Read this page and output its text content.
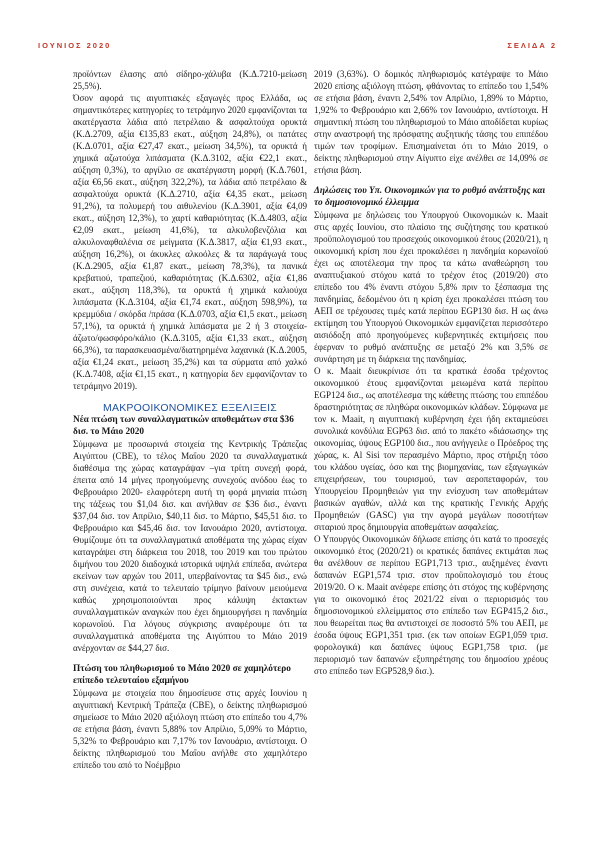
ΙΟΥΝΙΟΣ 2020	ΣΕΛΙΔΑ 2

προϊόντων έλασης από σίδηρο-χάλυβα (Κ.Δ.7210-μείωση 25,5%).

Όσον αφορά τις αιγυπτιακές εξαγωγές προς Ελλάδα, ως σημαντικότερες κατηγορίες το τετράμηνο 2020 εμφανίζονται τα ακατέργαστα λάδια από πετρέλαιο & ασφαλτούχα ορυκτά (Κ.Δ.2709, αξία €135,83 εκατ., αύξηση 24,8%), οι πατάτες (Κ.Δ.0701, αξία €27,47 εκατ., μείωση 34,5%), τα ορυκτά ή χημικά αζωτούχα λιπάσματα (Κ.Δ.3102, αξία €22,1 εκατ., αύξηση 0,3%), το αργίλιο σε ακατέργαστη μορφή (Κ.Δ.7601, αξία €6,56 εκατ., αύξηση 322,2%), τα λάδια από πετρέλαιο & ασφαλτούχα ορυκτά (Κ.Δ.2710, αξία €4,35 εκατ., μείωση 91,2%), τα πολυμερή του αιθυλενίου (Κ.Δ.3901, αξία €4,09 εκατ., αύξηση 12,3%), το χαρτί καθαριότητας (Κ.Δ.4803, αξία €2,09 εκατ., μείωση 41,6%), τα αλκυλοβενζόλια και αλκυλοναφθαλένια σε μείγματα (Κ.Δ.3817, αξία €1,93 εκατ., αύξηση 16,2%), οι άκυκλες αλκοόλες & τα παράγωγά τους (Κ.Δ.2905, αξία €1,87 εκατ., μείωση 78,3%), τα πανικά κρεβατιού, τραπεζιού, καθαριότητας (Κ.Δ.6302, αξία €1,86 εκατ., αύξηση 118,3%), τα ορυκτά ή χημικά καλιούχα λιπάσματα (Κ.Δ.3104, αξία €1,74 εκατ., αύξηση 598,9%), τα κρεμμύδια / σκόρδα /πράσα (Κ.Δ.0703, αξία €1,5 εκατ., μείωση 57,1%), τα ορυκτά ή χημικά λιπάσματα με 2 ή 3 στοιχεία-άζωτο/φωσφόρο/κάλιο (Κ.Δ.3105, αξία €1,33 εκατ., αύξηση 66,3%), τα παρασκευασμένα/διατηρημένα λαχανικά (Κ.Δ.2005, αξία €1,24 εκατ., μείωση 35,2%) και τα σύρματα από χαλκό (Κ.Δ.7408, αξία €1,15 εκατ., η κατηγορία δεν εμφανίζονταν το τετράμηνο 2019).

ΜΑΚΡΟΟΙΚΟΝΟΜΙΚΕΣ ΕΞΕΛΙΞΕΙΣ

Νέα πτώση των συναλλαγματικών αποθεμάτων στα $36 δισ. το Μάιο 2020

Σύμφωνα με προσωρινά στοιχεία της Κεντρικής Τράπεζας Αιγύπτου (CBE), το τέλος Μαΐου 2020 τα συναλλαγματικά διαθέσιμα της χώρας καταγράψαν –για τρίτη συνεχή φορά, έπειτα από 14 μήνες προηγούμενης συνεχούς ανόδου έως το Φεβρουάριο 2020- ελαφρότερη αυτή τη φορά μηνιαία πτώση της τάξεως του $1,04 δισ. και ανήλθαν σε $36 δισ., έναντι $37,04 δισ. τον Απρίλιο, $40,11 δισ. το Μάρτιο, $45,51 δισ. το Φεβρουάριο και $45,46 δισ. τον Ιανουάριο 2020, αντίστοιχα. Θυμίζουμε ότι τα συναλλαγματικά αποθέματα της χώρας είχαν καταγράψει στη διάρκεια του 2018, του 2019 και του πρώτου διμήνου του 2020 διαδοχικά ιστορικά υψηλά επίπεδα, ανώτερα εκείνων των αρχών του 2011, υπερβαίνοντας τα $45 δισ., ενώ στη συνέχεια, κατά το τελευταίο τρίμηνο βαίνουν μειούμενα καθώς χρησιμοποιούνται προς κάλυψη έκτακτων συναλλαγματικών αναγκών που έχει δημιουργήσει η πανδημία κορωνοϊού. Για λόγους σύγκρισης αναφέρουμε ότι τα συναλλαγματικά αποθέματα της Αιγύπτου το Μάιο 2019 ανέρχονταν σε $44,27 δισ.

Πτώση του πληθωρισμού το Μάιο 2020 σε χαμηλότερο επίπεδο τελευταίου εξαμήνου

Σύμφωνα με στοιχεία που δημοσίευσε στις αρχές Ιουνίου η αιγυπτιακή Κεντρική Τράπεζα (CBE), ο δείκτης πληθωρισμού σημείωσε το Μάιο 2020 αξιόλογη πτώση στο επίπεδο του 4,7% σε ετήσια βάση, έναντι 5,88% τον Απρίλιο, 5,09% το Μάρτιο, 5,32% το Φεβρουάριο και 7,17% τον Ιανουάριο, αντίστοιχα. Ο δείκτης πληθωρισμού του Μαΐου ανήλθε στο χαμηλότερο επίπεδο του από το Νοέμβριο

2019 (3,63%). Ο δομικός πληθωρισμός κατέγραψε το Μάιο 2020 επίσης αξιόλογη πτώση, φθάνοντας το επίπεδο του 1,54% σε ετήσια βάση, έναντι 2,54% τον Απρίλιο, 1,89% το Μάρτιο, 1,92% το Φεβρουάριο και 2,66% τον Ιανουάριο, αντίστοιχα. Η σημαντική πτώση του πληθωρισμού το Μάιο αποδίδεται κυρίως στην αναστροφή της πρόσφατης αυξητικής τάσης του επιπέδου τιμών των τροφίμων. Επισημαίνεται ότι το Μάιο 2019, ο δείκτης πληθωρισμού στην Αίγυπτο είχε ανέλθει σε 14,09% σε ετήσια βάση.

Δηλώσεις του Υπ. Οικονομικών για το ρυθμό ανάπτυξης και το δημοσιονομικό έλλειμμα

Σύμφωνα με δηλώσεις του Υπουργού Οικονομικών κ. Maait στις αρχές Ιουνίου, στο πλαίσιο της συζήτησης του κρατικού προϋπολογισμού του προσεχούς οικονομικού έτους (2020/21), η οικονομική κρίση που έχει προκαλέσει η πανδημία κορωνοϊού έχει ως αποτέλεσμα την προς τα κάτω αναθεώρηση του αναπτυξιακού στόχου κατά το τρέχον έτος (2019/20) στο επίπεδο του 4% έναντι στόχου 5,8% πριν το ξέσπασμα της πανδημίας, δεδομένου ότι η κρίση έχει προκαλέσει πτώση του ΑΕΠ σε τρέχουσες τιμές κατά περίπου EGP130 δισ. Η ως άνω εκτίμηση του Υπουργού Οικονομικών εμφανίζεται περισσότερο αισιόδοξη από προηγούμενες κυβερνητικές εκτιμήσεις που έφερναν το ρυθμό ανάπτυξης σε μεταξύ 2% και 3,5% σε συνάρτηση με τη διάρκεια της πανδημίας.

Ο κ. Maait διευκρίνισε ότι τα κρατικά έσοδα τρέχοντος οικονομικού έτους εμφανίζονται μειωμένα κατά περίπου EGP124 δισ., ως αποτέλεσμα της κάθετης πτώσης του επιπέδου δραστηριότητας σε πληθώρα οικονομικών κλάδων. Σύμφωνα με τον κ. Maait, η αιγυπτιακή κυβέρνηση έχει ήδη εκταμιεύσει συνολικά κονδύλια EGP63 δισ. από το πακέτο «διάσωσης» της οικονομίας, ύψους EGP100 δισ., που ανήγγειλε ο Πρόεδρος της χώρας, κ. Al Sisi τον περασμένο Μάρτιο, προς στήριξη τόσο του κλάδου υγείας, όσο και της βιομηχανίας, των εξαγωγικών επιχειρήσεων, του τουρισμού, των αεροπεταφορών, του Υπουργείου Προμηθειών για την ενίσχυση των αποθεμάτων βασικών αγαθών, αλλά και της κρατικής Γενικής Αρχής Προμηθειών (GASC) για την αγορά μεγάλων ποσοτήτων σιταριού προς δημιουργία αποθεμάτων ασφαλείας.

Ο Υπουργός Οικονομικών δήλωσε επίσης ότι κατά το προσεχές οικονομικό έτος (2020/21) οι κρατικές δαπάνες εκτιμάται πως θα ανέλθουν σε περίπου EGP1,713 τρισ., αυξημένες έναντι δαπανών EGP1,574 τρισ. στον προϋπολογισμό του έτους 2019/20. Ο κ. Maait ανέφερε επίσης ότι στόχος της κυβέρνησης για το οικονομικό έτος 2021/22 είναι ο περιορισμός του δημοσιονομικού ελλείμματος στο επίπεδο των EGP415,2 δισ., που θεωρείται πως θα αντιστοιχεί σε ποσοστό 5% του ΑΕΠ, με έσοδα ύψους EGP1,351 τρισ. (εκ των οποίων EGP1,059 τρισ. φορολογικά) και δαπάνες ύψους EGP1,758 τρισ. (με περιορισμό των δαπανών εξυπηρέτησης του δημοσίου χρέους στο επίπεδο των EGP528,9 δισ.).
